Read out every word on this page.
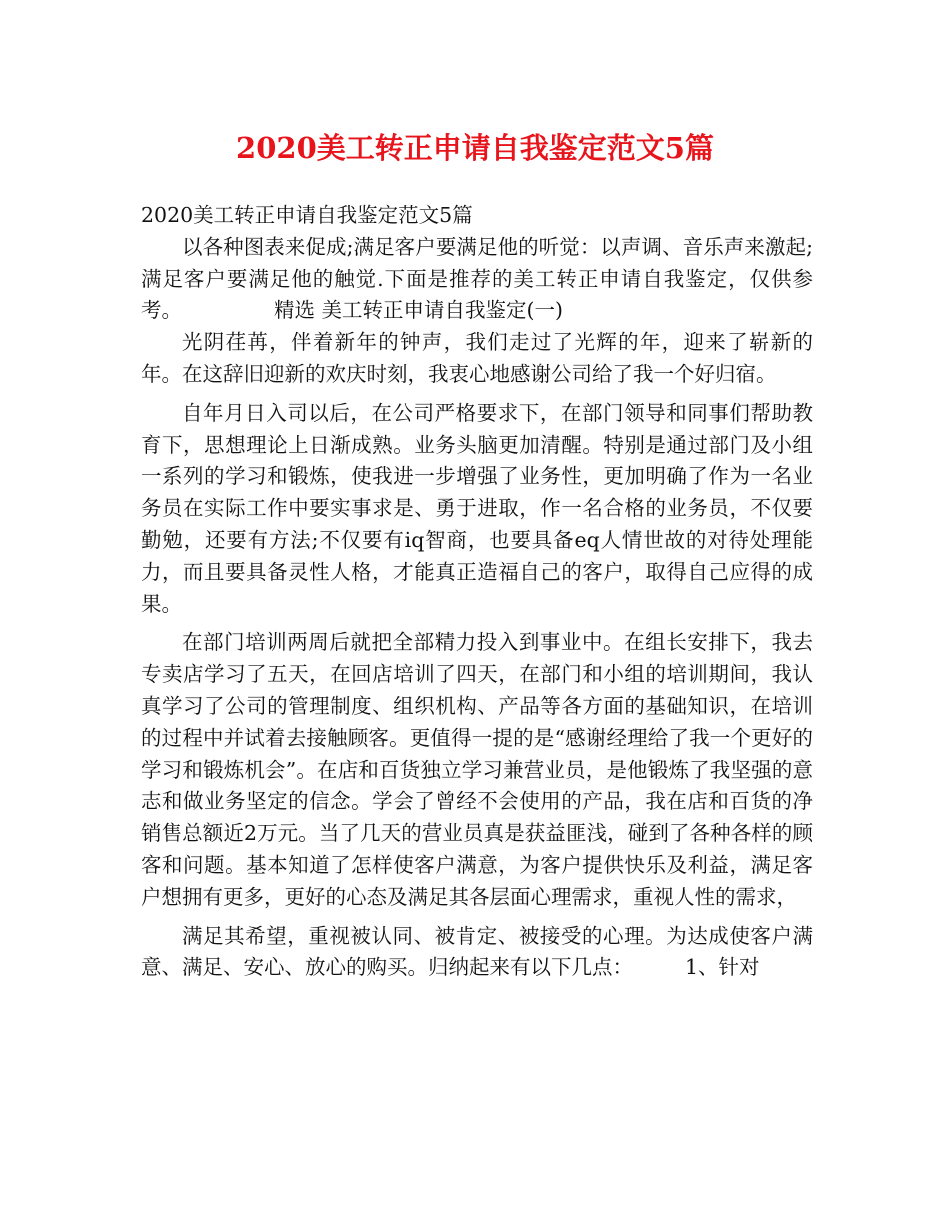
2020美工转正申请自我鉴定范文5篇

2020美工转正申请自我鉴定范文5篇

以各种图表来促成;满足客户要满足他的听觉：以声调、音乐声来激起;满足客户要满足他的触觉.下面是推荐的美工转正申请自我鉴定，仅供参考。	精选 美工转正申请自我鉴定(一)

光阴荏苒，伴着新年的钟声，我们走过了光辉的年，迎来了崭新的年。在这辞旧迎新的欢庆时刻，我衷心地感谢公司给了我一个好归宿。

自年月日入司以后，在公司严格要求下，在部门领导和同事们帮助教育下，思想理论上日渐成熟。业务头脑更加清醒。特别是通过部门及小组一系列的学习和锻炼，使我进一步增强了业务性，更加明确了作为一名业务员在实际工作中要实事求是、勇于进取，作一名合格的业务员，不仅要勤勉，还要有方法;不仅要有iq智商，也要具备eq人情世故的对待处理能力，而且要具备灵性人格，才能真正造福自己的客户，取得自己应得的成果。

在部门培训两周后就把全部精力投入到事业中。在组长安排下，我去专卖店学习了五天，在回店培训了四天，在部门和小组的培训期间，我认真学习了公司的管理制度、组织机构、产品等各方面的基础知识，在培训的过程中并试着去接触顾客。更值得一提的是“感谢经理给了我一个更好的学习和锻炼机会”。在店和百货独立学习兼营业员，是他锻炼了我坚强的意志和做业务坚定的信念。学会了曾经不会使用的产品，我在店和百货的净销售总额近2万元。当了几天的营业员真是获益匪浅，碰到了各种各样的顾客和问题。基本知道了怎样使客户满意，为客户提供快乐及利益，满足客户想拥有更多，更好的心态及满足其各层面心理需求，重视人性的需求，

满足其希望，重视被认同、被肯定、被接受的心理。为达成使客户满意、满足、安心、放心的购买。归纳起来有以下几点：	1、针对
